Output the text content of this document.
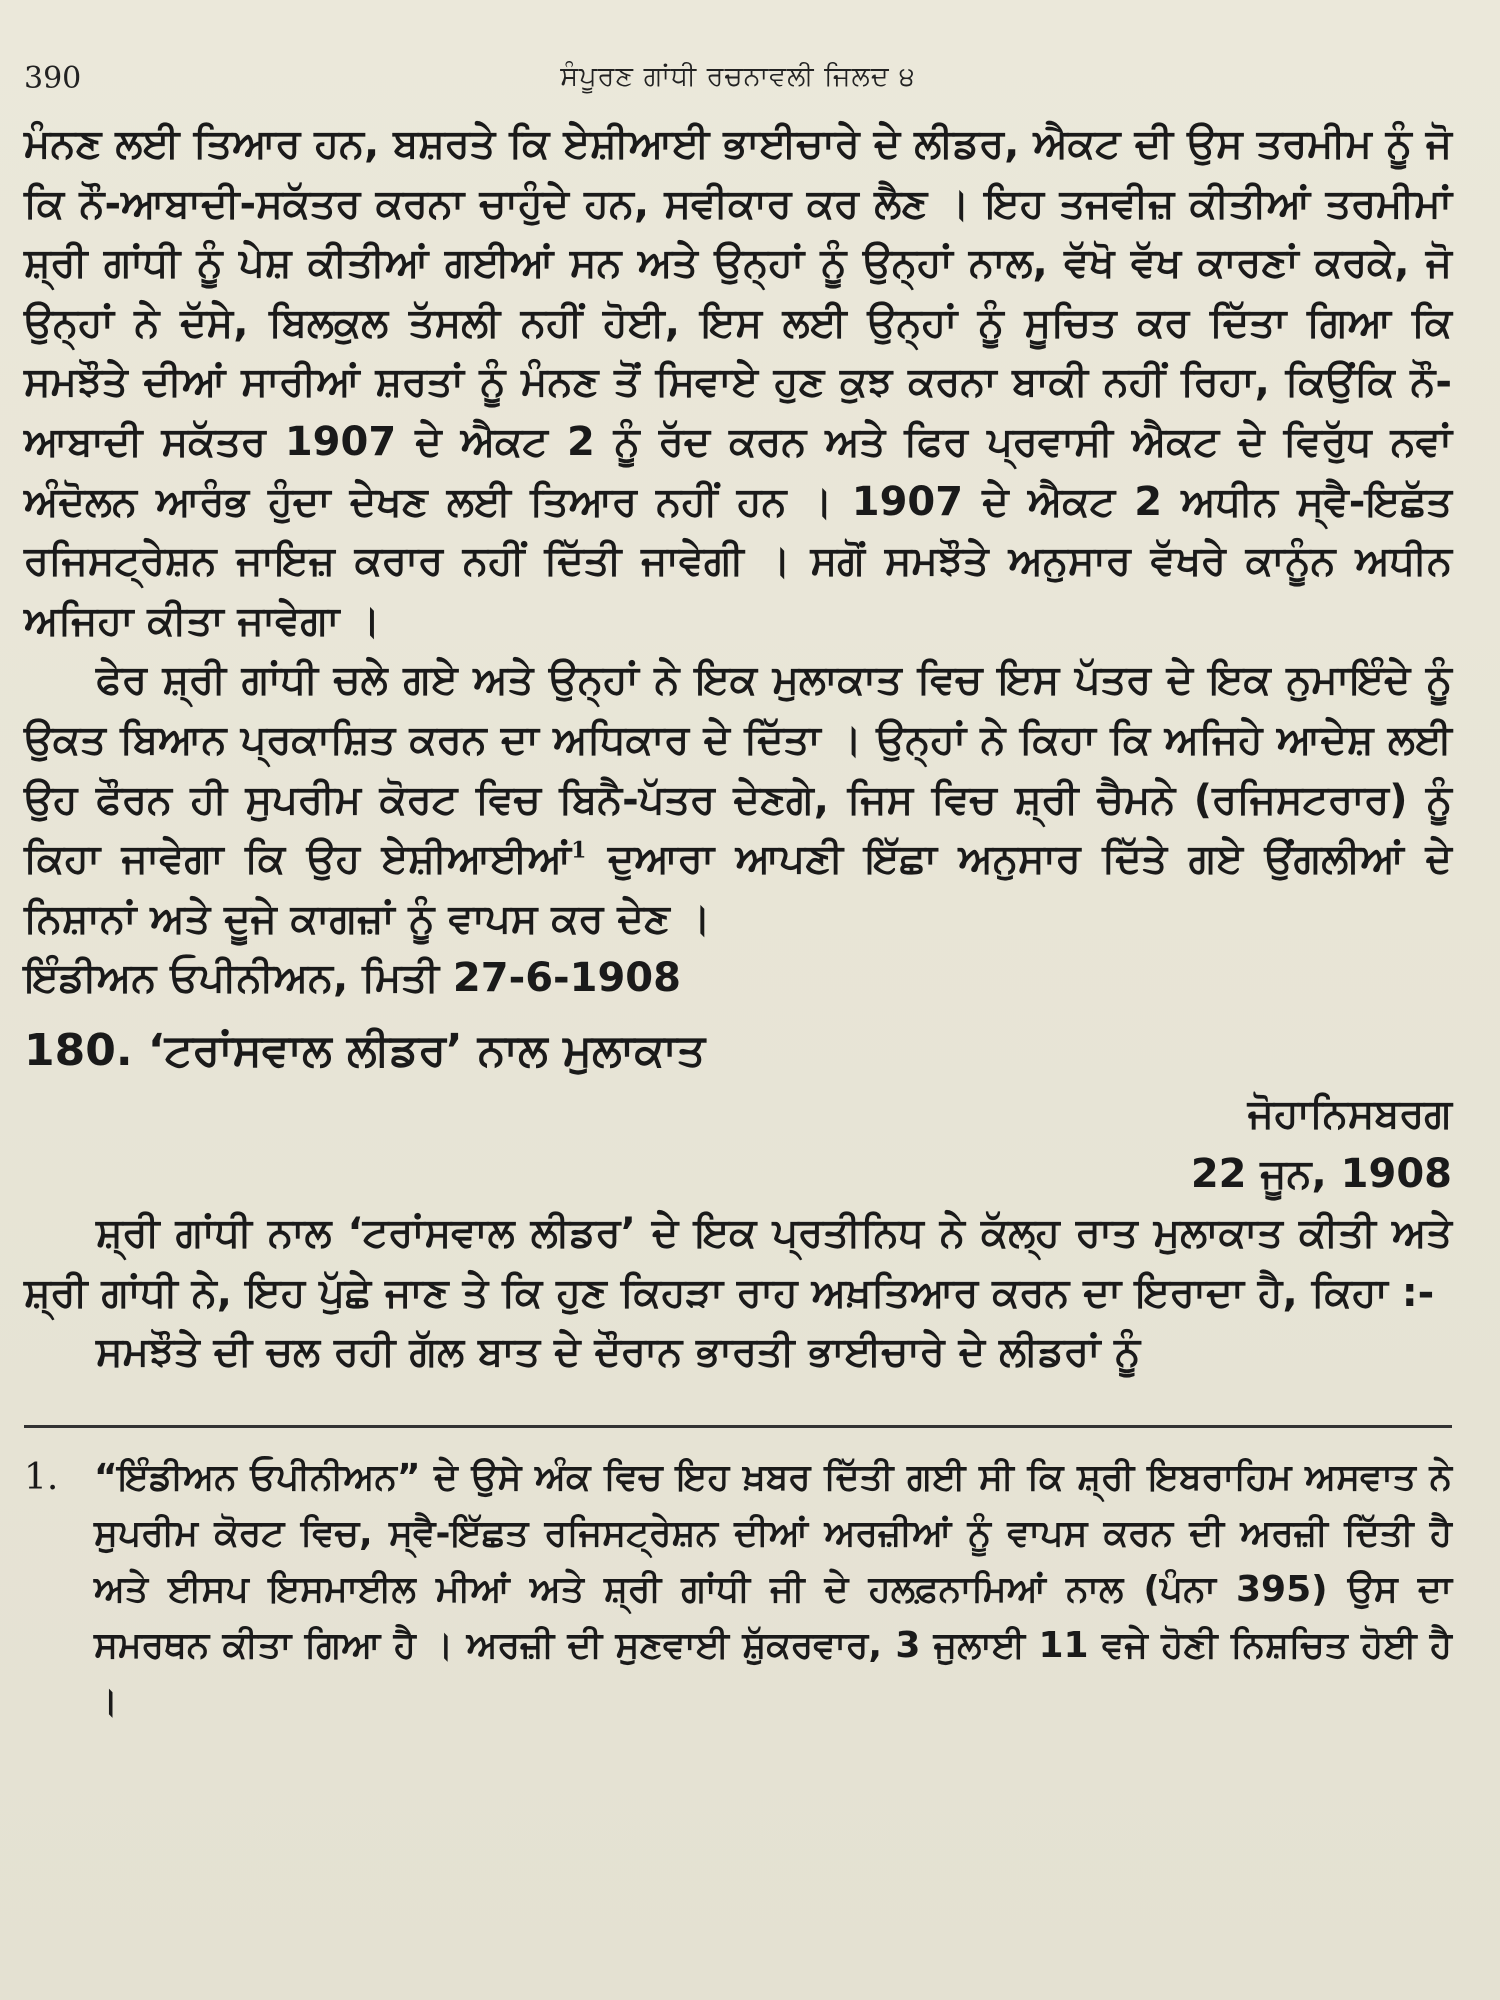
390	ਸੰਪੂਰਣ ਗਾਂਧੀ ਰਚਨਾਵਲੀ ਜਿਲਦ ੪

ਮੰਨਣ ਲਈ ਤਿਆਰ ਹਨ, ਬਸ਼ਰਤੇ ਕਿ ਏਸ਼ੀਆਈ ਭਾਈਚਾਰੇ ਦੇ ਲੀਡਰ, ਐਕਟ ਦੀ ਉਸ ਤਰਮੀਮ ਨੂੰ ਜੋ ਕਿ ਨੌ-ਆਬਾਦੀ-ਸਕੱਤਰ ਕਰਨਾ ਚਾਹੁੰਦੇ ਹਨ, ਸਵੀਕਾਰ ਕਰ ਲੈਣ । ਇਹ ਤਜਵੀਜ਼ ਕੀਤੀਆਂ ਤਰਮੀਮਾਂ ਸ਼੍ਰੀ ਗਾਂਧੀ ਨੂੰ ਪੇਸ਼ ਕੀਤੀਆਂ ਗਈਆਂ ਸਨ ਅਤੇ ਉਨ੍ਹਾਂ ਨੂੰ ਉਨ੍ਹਾਂ ਨਾਲ, ਵੱਖੋ ਵੱਖ ਕਾਰਣਾਂ ਕਰਕੇ, ਜੋ ਉਨ੍ਹਾਂ ਨੇ ਦੱਸੇ, ਬਿਲਕੁਲ ਤੱਸਲੀ ਨਹੀਂ ਹੋਈ, ਇਸ ਲਈ ਉਨ੍ਹਾਂ ਨੂੰ ਸੂਚਿਤ ਕਰ ਦਿੱਤਾ ਗਿਆ ਕਿ ਸਮਝੌਤੇ ਦੀਆਂ ਸਾਰੀਆਂ ਸ਼ਰਤਾਂ ਨੂੰ ਮੰਨਣ ਤੋਂ ਸਿਵਾਏ ਹੁਣ ਕੁਝ ਕਰਨਾ ਬਾਕੀ ਨਹੀਂ ਰਿਹਾ, ਕਿਉਂਕਿ ਨੌ-ਆਬਾਦੀ ਸਕੱਤਰ 1907 ਦੇ ਐਕਟ 2 ਨੂੰ ਰੱਦ ਕਰਨ ਅਤੇ ਫਿਰ ਪ੍ਰਵਾਸੀ ਐਕਟ ਦੇ ਵਿਰੁੱਧ ਨਵਾਂ ਅੰਦੋਲਨ ਆਰੰਭ ਹੁੰਦਾ ਦੇਖਣ ਲਈ ਤਿਆਰ ਨਹੀਂ ਹਨ । 1907 ਦੇ ਐਕਟ 2 ਅਧੀਨ ਸ੍ਵੈ-ਇਛੱਤ ਰਜਿਸਟ੍ਰੇਸ਼ਨ ਜਾਇਜ਼ ਕਰਾਰ ਨਹੀਂ ਦਿੱਤੀ ਜਾਵੇਗੀ । ਸਗੋਂ ਸਮਝੌਤੇ ਅਨੁਸਾਰ ਵੱਖਰੇ ਕਾਨੂੰਨ ਅਧੀਨ ਅਜਿਹਾ ਕੀਤਾ ਜਾਵੇਗਾ ।

ਫੇਰ ਸ਼੍ਰੀ ਗਾਂਧੀ ਚਲੇ ਗਏ ਅਤੇ ਉਨ੍ਹਾਂ ਨੇ ਇਕ ਮੁਲਾਕਾਤ ਵਿਚ ਇਸ ਪੱਤਰ ਦੇ ਇਕ ਨੁਮਾਇੰਦੇ ਨੂੰ ਉਕਤ ਬਿਆਨ ਪ੍ਰਕਾਸ਼ਿਤ ਕਰਨ ਦਾ ਅਧਿਕਾਰ ਦੇ ਦਿੱਤਾ । ਉਨ੍ਹਾਂ ਨੇ ਕਿਹਾ ਕਿ ਅਜਿਹੇ ਆਦੇਸ਼ ਲਈ ਉਹ ਫੌਰਨ ਹੀ ਸੁਪਰੀਮ ਕੋਰਟ ਵਿਚ ਬਿਨੈ-ਪੱਤਰ ਦੇਣਗੇ, ਜਿਸ ਵਿਚ ਸ਼੍ਰੀ ਚੈਮਨੇ (ਰਜਿਸਟਰਾਰ) ਨੂੰ ਕਿਹਾ ਜਾਵੇਗਾ ਕਿ ਉਹ ਏਸ਼ੀਆਈਆਂ$^1$ ਦੁਆਰਾ ਆਪਣੀ ਇੱਛਾ ਅਨੁਸਾਰ ਦਿੱਤੇ ਗਏ ਉਂਗਲੀਆਂ ਦੇ ਨਿਸ਼ਾਨਾਂ ਅਤੇ ਦੂਜੇ ਕਾਗਜ਼ਾਂ ਨੂੰ ਵਾਪਸ ਕਰ ਦੇਣ ।

ਇੰਡੀਅਨ ਓਪੀਨੀਅਨ, ਮਿਤੀ 27-6-1908

180. ‘ਟਰਾਂਸਵਾਲ ਲੀਡਰ’ ਨਾਲ ਮੁਲਾਕਾਤ

ਜੋਹਾਨਿਸਬਰਗ

22 ਜੂਨ, 1908

ਸ਼੍ਰੀ ਗਾਂਧੀ ਨਾਲ ‘ਟਰਾਂਸਵਾਲ ਲੀਡਰ’ ਦੇ ਇਕ ਪ੍ਰਤੀਨਿਧ ਨੇ ਕੱਲ੍ਹ ਰਾਤ ਮੁਲਾਕਾਤ ਕੀਤੀ ਅਤੇ ਸ਼੍ਰੀ ਗਾਂਧੀ ਨੇ, ਇਹ ਪੁੱਛੇ ਜਾਣ ਤੇ ਕਿ ਹੁਣ ਕਿਹੜਾ ਰਾਹ ਅਖ਼ਤਿਆਰ ਕਰਨ ਦਾ ਇਰਾਦਾ ਹੈ, ਕਿਹਾ :-

ਸਮਝੌਤੇ ਦੀ ਚਲ ਰਹੀ ਗੱਲ ਬਾਤ ਦੇ ਦੌਰਾਨ ਭਾਰਤੀ ਭਾਈਚਾਰੇ ਦੇ ਲੀਡਰਾਂ ਨੂੰ

1. “ਇੰਡੀਅਨ ਓਪੀਨੀਅਨ” ਦੇ ਉਸੇ ਅੰਕ ਵਿਚ ਇਹ ਖ਼ਬਰ ਦਿੱਤੀ ਗਈ ਸੀ ਕਿ ਸ਼੍ਰੀ ਇਬਰਾਹਿਮ ਅਸਵਾਤ ਨੇ ਸੁਪਰੀਮ ਕੋਰਟ ਵਿਚ, ਸ੍ਵੈ-ਇੱਛਤ ਰਜਿਸਟ੍ਰੇਸ਼ਨ ਦੀਆਂ ਅਰਜ਼ੀਆਂ ਨੂੰ ਵਾਪਸ ਕਰਨ ਦੀ ਅਰਜ਼ੀ ਦਿੱਤੀ ਹੈ ਅਤੇ ਈਸਪ ਇਸਮਾਈਲ ਮੀਆਂ ਅਤੇ ਸ਼੍ਰੀ ਗਾਂਧੀ ਜੀ ਦੇ ਹਲਫ਼ਨਾਮਿਆਂ ਨਾਲ (ਪੰਨਾ 395) ਉਸ ਦਾ ਸਮਰਥਨ ਕੀਤਾ ਗਿਆ ਹੈ । ਅਰਜ਼ੀ ਦੀ ਸੁਣਵਾਈ ਸ਼ੁੱਕਰਵਾਰ, 3 ਜੁਲਾਈ 11 ਵਜੇ ਹੋਣੀ ਨਿਸ਼ਚਿਤ ਹੋਈ ਹੈ ।
